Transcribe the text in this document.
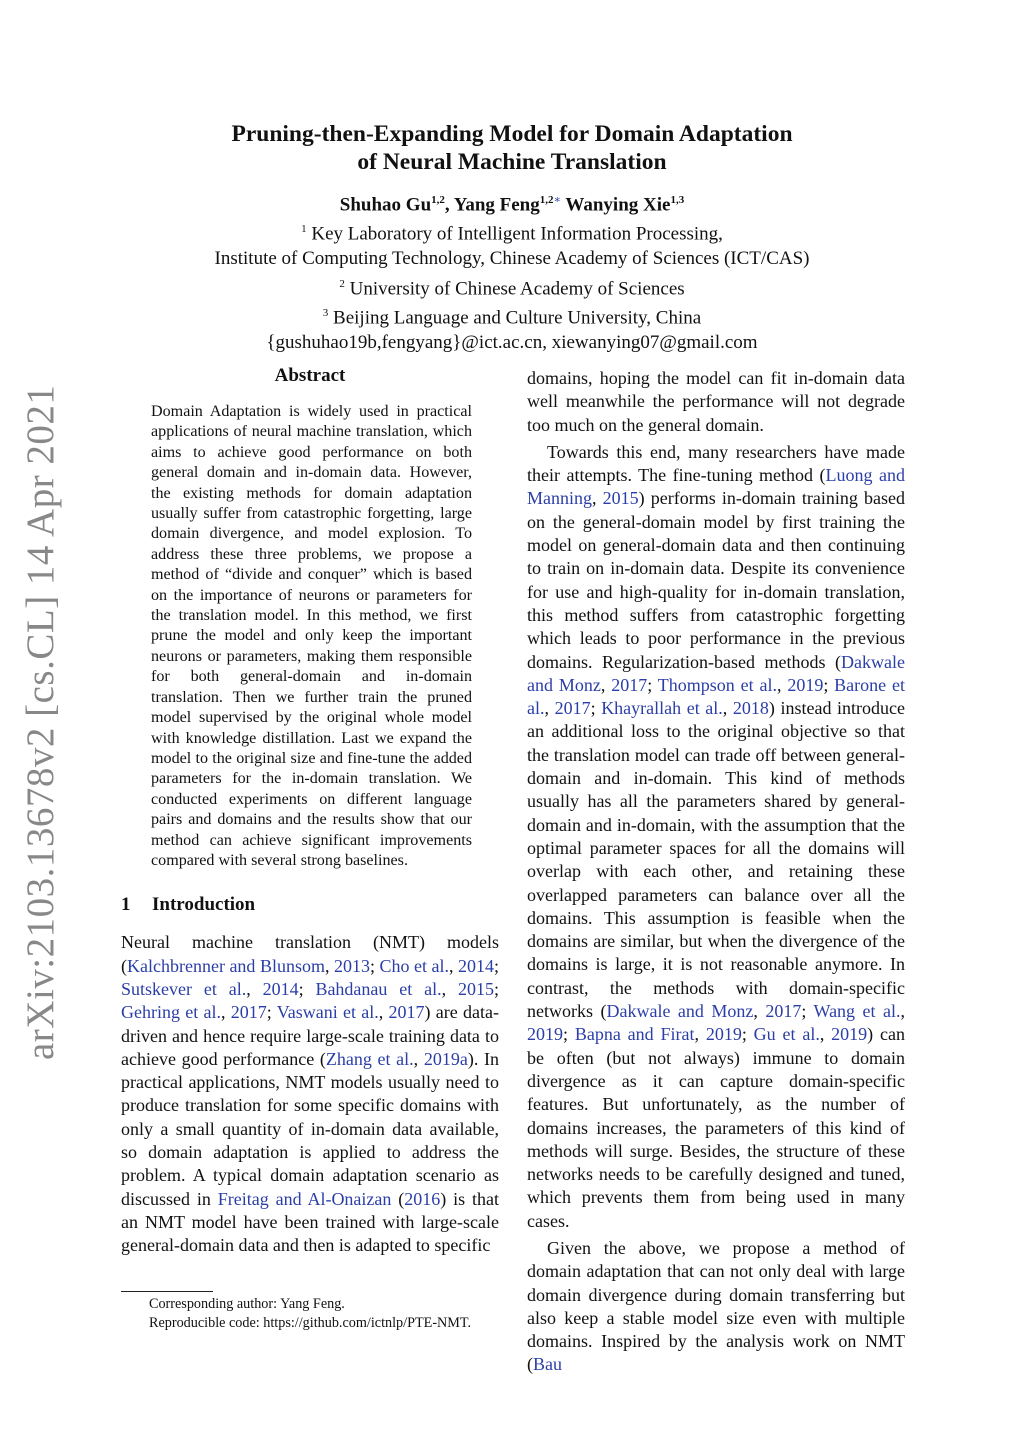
arXiv:2103.13678v2 [cs.CL] 14 Apr 2021
Pruning-then-Expanding Model for Domain Adaptation
of Neural Machine Translation
Shuhao Gu$^{1,2}$, Yang Feng$^{1,2∗}$ Wanying Xie$^{1,3}$
$^1$ Key Laboratory of Intelligent Information Processing,
Institute of Computing Technology, Chinese Academy of Sciences (ICT/CAS)
$^2$ University of Chinese Academy of Sciences
$^3$ Beijing Language and Culture University, China
{gushuhao19b,fengyang}@ict.ac.cn, xiewanying07@gmail.com
Abstract
Domain Adaptation is widely used in practical applications of neural machine translation, which aims to achieve good performance on both general domain and in-domain data. However, the existing methods for domain adaptation usually suffer from catastrophic forgetting, large domain divergence, and model explosion. To address these three problems, we propose a method of “divide and conquer” which is based on the importance of neurons or parameters for the translation model. In this method, we first prune the model and only keep the important neurons or parameters, making them responsible for both general-domain and in-domain translation. Then we further train the pruned model supervised by the original whole model with knowledge distillation. Last we expand the model to the original size and fine-tune the added parameters for the in-domain translation. We conducted experiments on different language pairs and domains and the results show that our method can achieve significant improvements compared with several strong baselines.
1 Introduction

Neural machine translation (NMT) models (Kalchbrenner and Blunsom, 2013; Cho et al., 2014; Sutskever et al., 2014; Bahdanau et al., 2015; Gehring et al., 2017; Vaswani et al., 2017) are data-driven and hence require large-scale training data to achieve good performance (Zhang et al., 2019a). In practical applications, NMT models usually need to produce translation for some specific domains with only a small quantity of in-domain data available, so domain adaptation is applied to address the problem. A typical domain adaptation scenario as discussed in Freitag and Al-Onaizan (2016) is that an NMT model have been trained with large-scale general-domain data and then is adapted to specific

domains, hoping the model can fit in-domain data well meanwhile the performance will not degrade too much on the general domain.

Towards this end, many researchers have made their attempts. The fine-tuning method (Luong and Manning, 2015) performs in-domain training based on the general-domain model by first training the model on general-domain data and then continuing to train on in-domain data. Despite its convenience for use and high-quality for in-domain translation, this method suffers from catastrophic forgetting which leads to poor performance in the previous domains. Regularization-based methods (Dakwale and Monz, 2017; Thompson et al., 2019; Barone et al., 2017; Khayrallah et al., 2018) instead introduce an additional loss to the original objective so that the translation model can trade off between general-domain and in-domain. This kind of methods usually has all the parameters shared by general-domain and in-domain, with the assumption that the optimal parameter spaces for all the domains will overlap with each other, and retaining these overlapped parameters can balance over all the domains. This assumption is feasible when the domains are similar, but when the divergence of the domains is large, it is not reasonable anymore. In contrast, the methods with domain-specific networks (Dakwale and Monz, 2017; Wang et al., 2019; Bapna and Firat, 2019; Gu et al., 2019) can be often (but not always) immune to domain divergence as it can capture domain-specific features. But unfortunately, as the number of domains increases, the parameters of this kind of methods will surge. Besides, the structure of these networks needs to be carefully designed and tuned, which prevents them from being used in many cases.

Given the above, we propose a method of domain adaptation that can not only deal with large domain divergence during domain transferring but also keep a stable model size even with multiple domains. Inspired by the analysis work on NMT (Bau

Corresponding author: Yang Feng.
Reproducible code: https://github.com/ictnlp/PTE-NMT.
